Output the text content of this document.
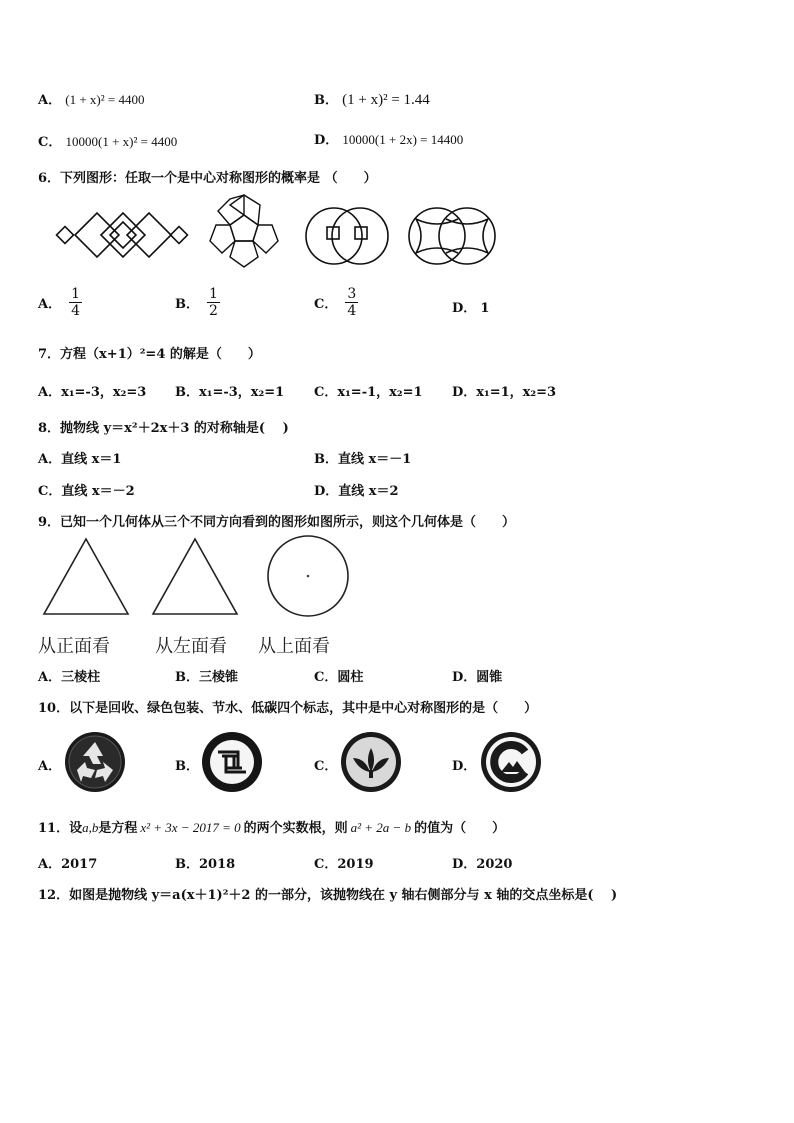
A． (1 + x)² = 4400	B． (1 + x)² = 1.44
C． 10000(1 + x)² = 4400	D． 10000(1 + 2x) = 14400
6．下列图形：任取一个是中心对称图形的概率是 （　　）
A． $\frac{1}{4}$	B． $\frac{1}{2}$	C． $\frac{3}{4}$	D． 1
7．方程（x+1）²=4 的解是（　　）
A．x₁=-3，x₂=3 B．x₁=-3，x₂=1 C．x₁=-1，x₂=1 D．x₁=1，x₂=3
8．抛物线 y＝x²＋2x＋3 的对称轴是(　 )
A．直线 x＝1	B．直线 x＝－1
C．直线 x＝－2	D．直线 x＝2
9．已知一个几何体从三个不同方向看到的图形如图所示，则这个几何体是（　　）
从正面看	从左面看 从上面看
A．三棱柱	B．三棱锥	C．圆柱	D．圆锥
10．以下是回收、绿色包装、节水、低碳四个标志，其中是中心对称图形的是（　　）
A．	B．	C．	D．
11．设a,b是方程 x² + 3x − 2017 = 0 的两个实数根，则 a² + 2a − b 的值为（　　）
A．2017	B．2018	C．2019	D．2020
12．如图是抛物线 y＝a(x＋1)²＋2 的一部分，该抛物线在 y 轴右侧部分与 x 轴的交点坐标是(　 )
